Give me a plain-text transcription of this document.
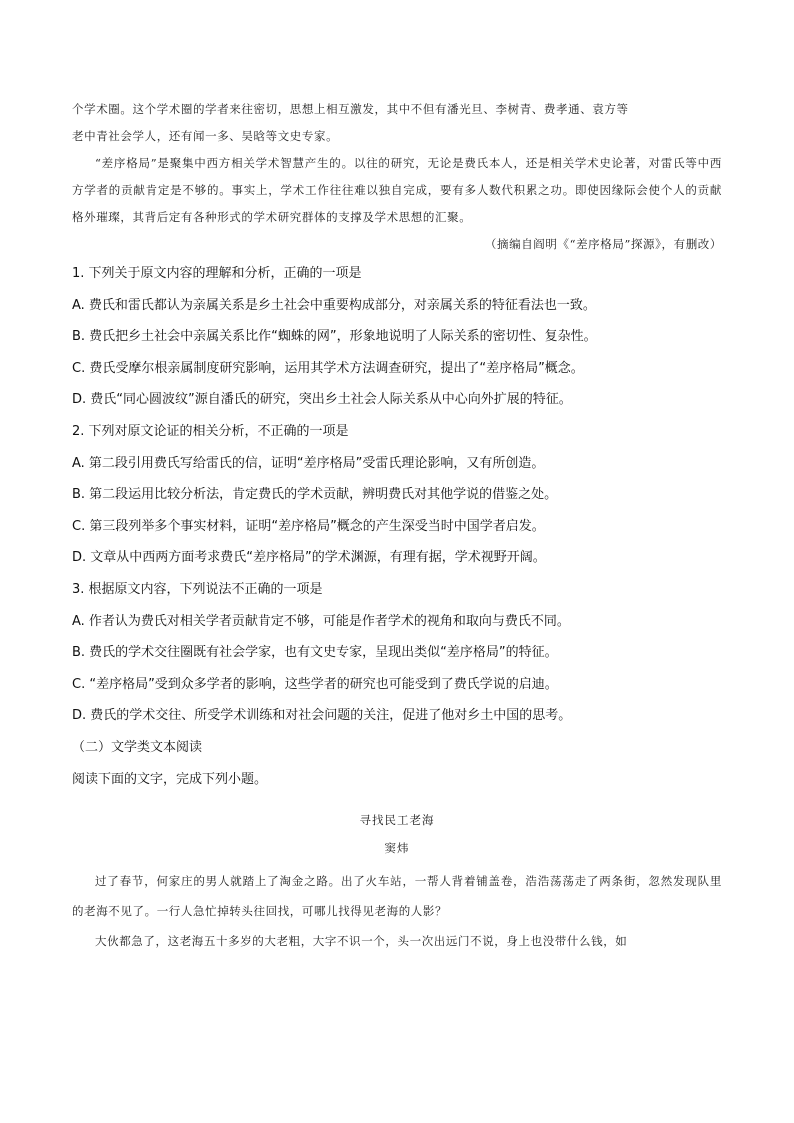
个学术圈。这个学术圈的学者来往密切，思想上相互激发，其中不但有潘光旦、李树青、费孝通、袁方等

老中青社会学人，还有闻一多、吴晗等文史专家。

“差序格局”是聚集中西方相关学术智慧产生的。以往的研究，无论是费氏本人，还是相关学术史论著，对雷氏等中西方学者的贡献肯定是不够的。事实上，学术工作往往难以独自完成，要有多人数代积累之功。即使因缘际会使个人的贡献格外璀璨，其背后定有各种形式的学术研究群体的支撑及学术思想的汇聚。

（摘编自阎明《“差序格局”探源》，有删改）

1. 下列关于原文内容的理解和分析，正确的一项是
A. 费氏和雷氏都认为亲属关系是乡土社会中重要构成部分，对亲属关系的特征看法也一致。
B. 费氏把乡土社会中亲属关系比作“蜘蛛的网”，形象地说明了人际关系的密切性、复杂性。
C. 费氏受摩尔根亲属制度研究影响，运用其学术方法调查研究，提出了“差序格局”概念。
D. 费氏“同心圆波纹”源自潘氏的研究，突出乡土社会人际关系从中心向外扩展的特征。
2. 下列对原文论证的相关分析，不正确的一项是
A. 第二段引用费氏写给雷氏的信，证明“差序格局”受雷氏理论影响，又有所创造。
B. 第二段运用比较分析法，肯定费氏的学术贡献，辨明费氏对其他学说的借鉴之处。
C. 第三段列举多个事实材料，证明“差序格局”概念的产生深受当时中国学者启发。
D. 文章从中西两方面考求费氏“差序格局”的学术渊源，有理有据，学术视野开阔。
3. 根据原文内容，下列说法不正确的一项是
A. 作者认为费氏对相关学者贡献肯定不够，可能是作者学术的视角和取向与费氏不同。
B. 费氏的学术交往圈既有社会学家，也有文史专家，呈现出类似“差序格局”的特征。
C. “差序格局”受到众多学者的影响，这些学者的研究也可能受到了费氏学说的启迪。
D. 费氏的学术交往、所受学术训练和对社会问题的关注，促进了他对乡土中国的思考。
（二）文学类文本阅读
阅读下面的文字，完成下列小题。
寻找民工老海
窦炜

过了春节，何家庄的男人就踏上了淘金之路。出了火车站，一帮人背着铺盖卷，浩浩荡荡走了两条街，忽然发现队里的老海不见了。一行人急忙掉转头往回找，可哪儿找得见老海的人影？

大伙都急了，这老海五十多岁的大老粗，大字不识一个，头一次出远门不说，身上也没带什么钱，如
